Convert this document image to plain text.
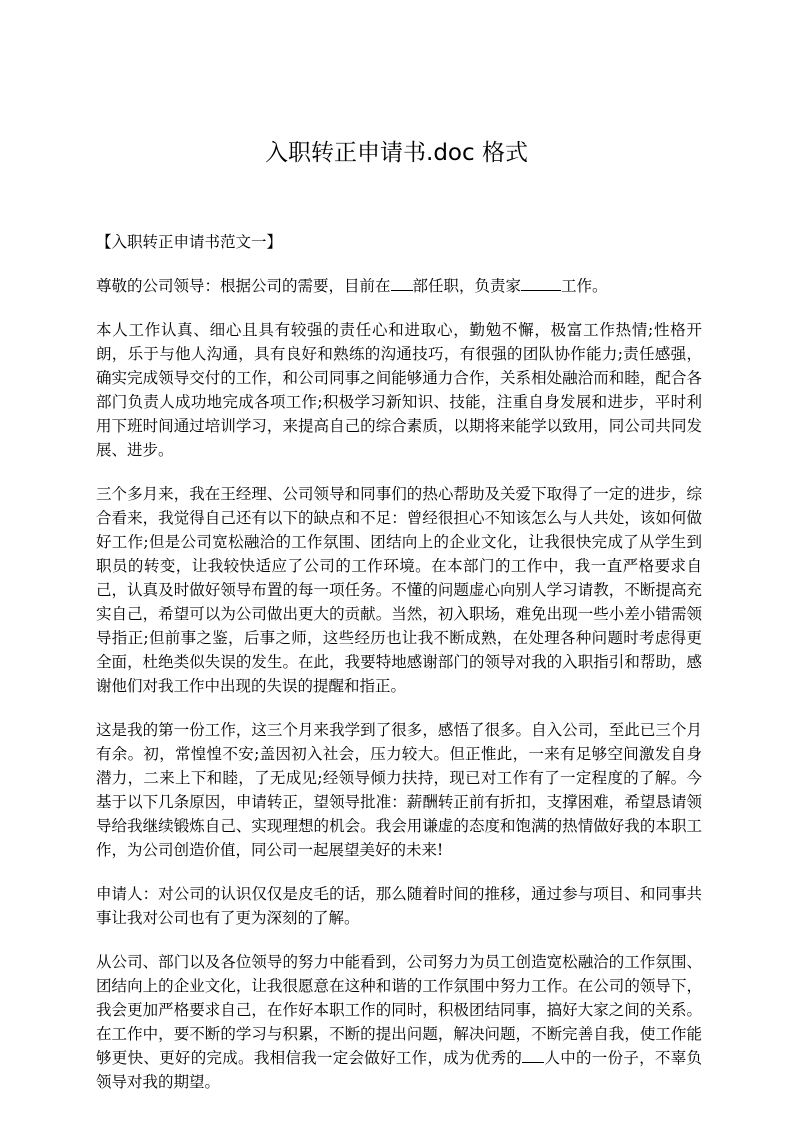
入职转正申请书.doc 格式

【入职转正申请书范文一】

尊敬的公司领导：根据公司的需要，目前在 部任职，负责家	工作。

本人工作认真、细心且具有较强的责任心和进取心，勤勉不懈，极富工作热情;性格开朗，乐于与他人沟通，具有良好和熟练的沟通技巧，有很强的团队协作能力;责任感强，确实完成领导交付的工作，和公司同事之间能够通力合作，关系相处融洽而和睦，配合各部门负责人成功地完成各项工作;积极学习新知识、技能，注重自身发展和进步，平时利用下班时间通过培训学习，来提高自己的综合素质，以期将来能学以致用，同公司共同发展、进步。

三个多月来，我在王经理、公司领导和同事们的热心帮助及关爱下取得了一定的进步，综合看来，我觉得自己还有以下的缺点和不足：曾经很担心不知该怎么与人共处，该如何做好工作;但是公司宽松融洽的工作氛围、团结向上的企业文化，让我很快完成了从学生到职员的转变，让我较快适应了公司的工作环境。在本部门的工作中，我一直严格要求自己，认真及时做好领导布置的每一项任务。不懂的问题虚心向别人学习请教，不断提高充实自己，希望可以为公司做出更大的贡献。当然，初入职场，难免出现一些小差小错需领导指正;但前事之鉴，后事之师，这些经历也让我不断成熟，在处理各种问题时考虑得更全面，杜绝类似失误的发生。在此，我要特地感谢部门的领导对我的入职指引和帮助，感谢他们对我工作中出现的失误的提醒和指正。

这是我的第一份工作，这三个月来我学到了很多，感悟了很多。自入公司，至此已三个月有余。初，常惶惶不安;盖因初入社会，压力较大。但正惟此，一来有足够空间激发自身潜力，二来上下和睦，了无成见;经领导倾力扶持，现已对工作有了一定程度的了解。今基于以下几条原因，申请转正，望领导批准：薪酬转正前有折扣，支撑困难，希望恳请领导给我继续锻炼自己、实现理想的机会。我会用谦虚的态度和饱满的热情做好我的本职工作，为公司创造价值，同公司一起展望美好的未来!

申请人：对公司的认识仅仅是皮毛的话，那么随着时间的推移，通过参与项目、和同事共事让我对公司也有了更为深刻的了解。

从公司、部门以及各位领导的努力中能看到，公司努力为员工创造宽松融洽的工作氛围、团结向上的企业文化，让我很愿意在这种和谐的工作氛围中努力工作。在公司的领导下，我会更加严格要求自己，在作好本职工作的同时，积极团结同事，搞好大家之间的关系。在工作中，要不断的学习与积累，不断的提出问题，解决问题，不断完善自我，使工作能够更快、更好的完成。我相信我一定会做好工作，成为优秀的 人中的一份子，不辜负领导对我的期望。
